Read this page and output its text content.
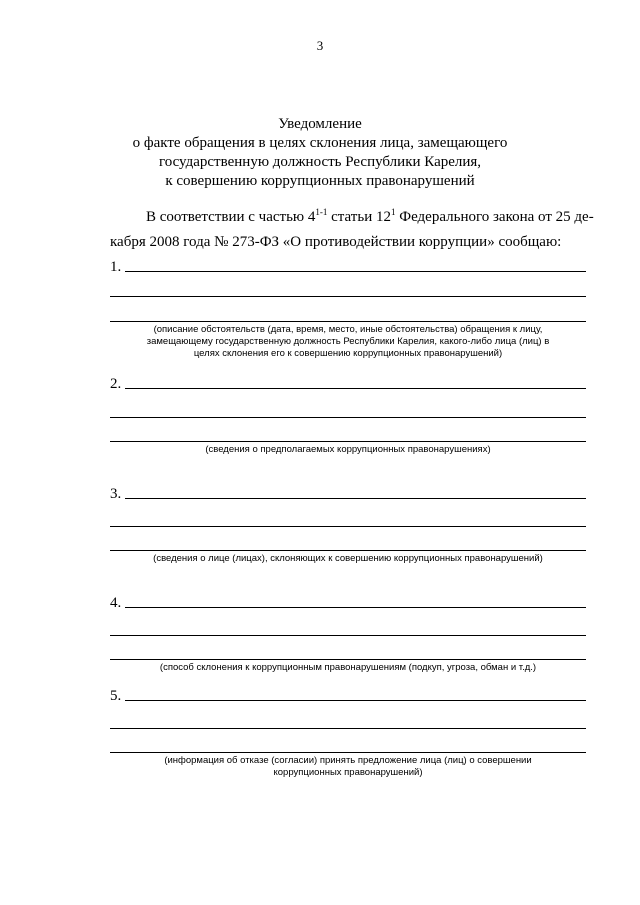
3
Уведомление
о факте обращения в целях склонения лица, замещающего
государственную должность Республики Карелия,
к совершению коррупционных правонарушений
В соответствии с частью 4$^{1-1}$ статьи $12^1$ Федерального закона от 25 де-
кабря 2008 года № 273-ФЗ «О противодействии коррупции» сообщаю:
1.
(описание обстоятельств (дата, время, место, иные обстоятельства) обращения к лицу,
замещающему государственную должность Республики Карелия, какого-либо лица (лиц) в
целях склонения его к совершению коррупционных правонарушений)
2.
(сведения о предполагаемых коррупционных правонарушениях)
3.
(сведения о лице (лицах), склоняющих к совершению коррупционных правонарушений)
4.
(способ склонения к коррупционным правонарушениям (подкуп, угроза, обман и т.д.)
5.
(информация об отказе (согласии) принять предложение лица (лиц) о совершении
коррупционных правонарушений)
